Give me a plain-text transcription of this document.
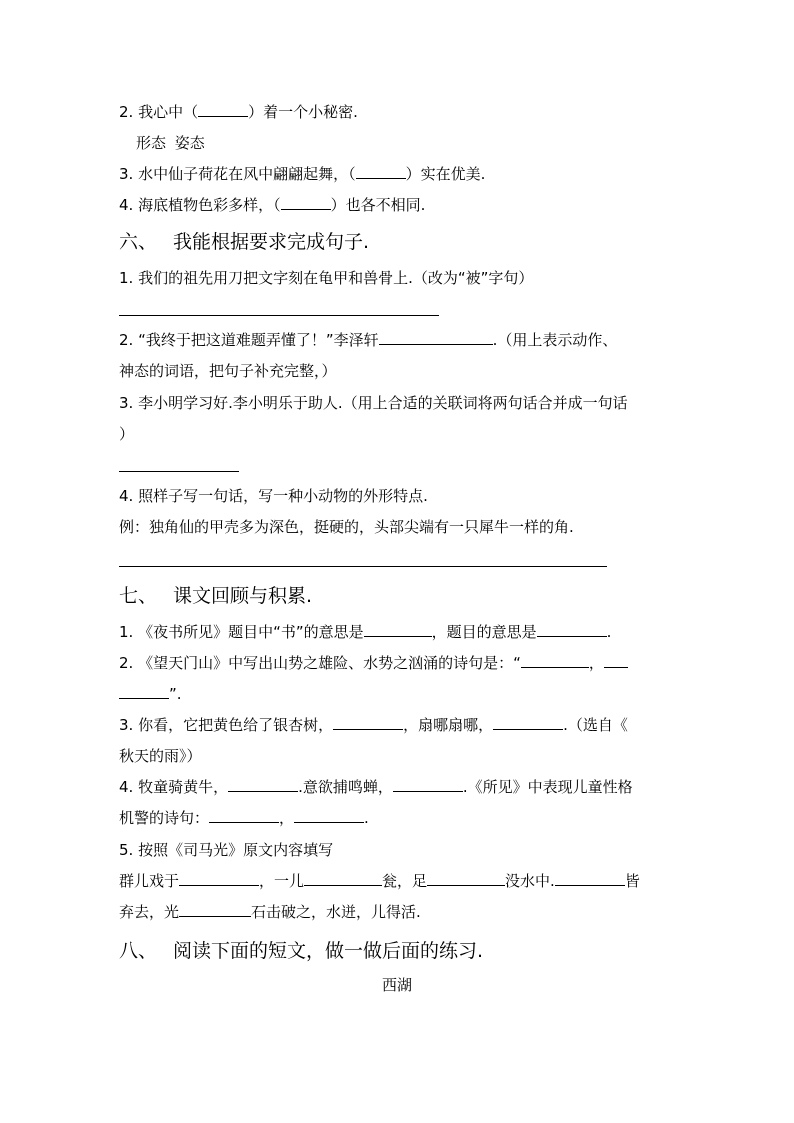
2. 我心中（	）着一个小秘密.
形态 姿态
3. 水中仙子荷花在风中翩翩起舞，（	）实在优美.
4. 海底植物色彩多样，（	）也各不相同.
六、 我能根据要求完成句子.
1. 我们的祖先用刀把文字刻在龟甲和兽骨上.（改为“被”字句）
2. “我终于把这道难题弄懂了！”李泽轩	.（用上表示动作、
神态的词语，把句子补充完整，）
3. 李小明学习好.李小明乐于助人.（用上合适的关联词将两句话合并成一句话
）
4. 照样子写一句话，写一种小动物的外形特点.
例：独角仙的甲壳多为深色，挺硬的，头部尖端有一只犀牛一样的角.
七、 课文回顾与积累.
1. 《夜书所见》题目中“书”的意思是	，题目的意思是	.
2. 《望天门山》中写出山势之雄险、水势之汹涌的诗句是：“	，
”.
3. 你看，它把黄色给了银杏树，	，扇哪扇哪，	.（选自《
秋天的雨》）
4. 牧童骑黄牛，	.意欲捕鸣蝉，	.《所见》中表现儿童性格
机警的诗句：	，	.
5. 按照《司马光》原文内容填写
群儿戏于	，一儿	瓮，足	没水中.	皆
弃去，光	石击破之，水迸，儿得活.
八、 阅读下面的短文，做一做后面的练习.
西湖
